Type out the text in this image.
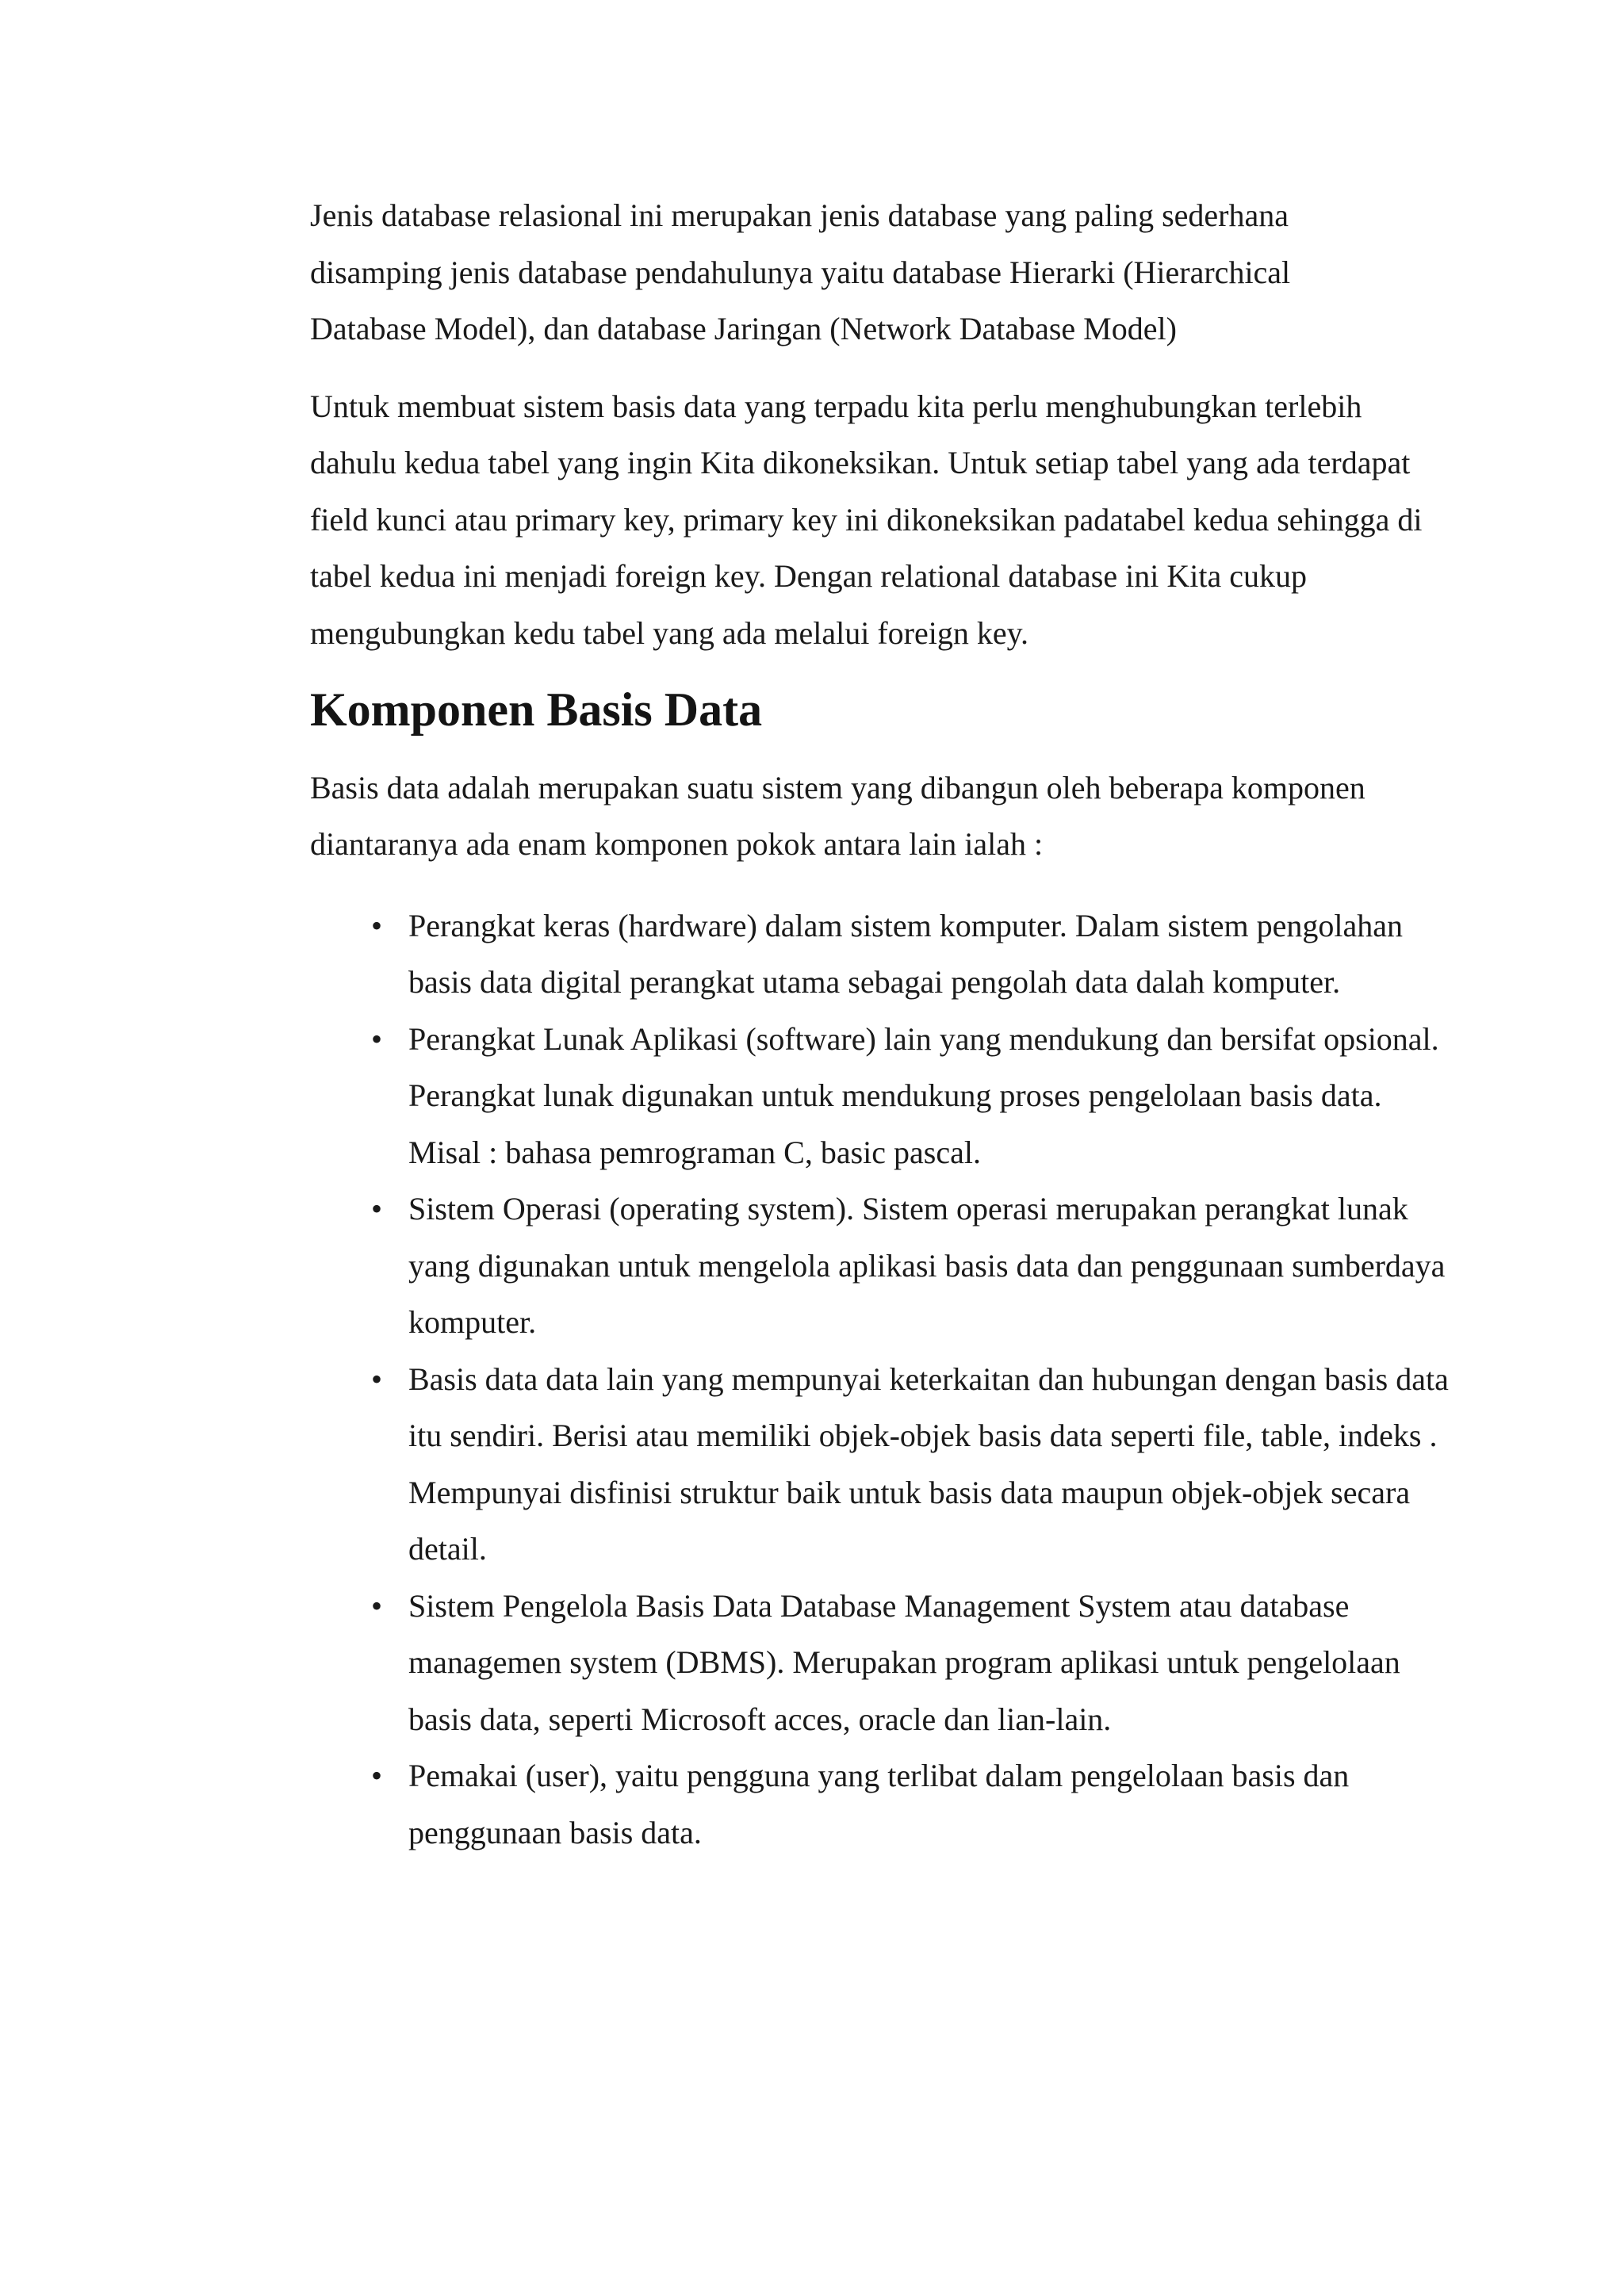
Jenis database relasional ini merupakan jenis database yang paling sederhana disamping jenis database pendahulunya yaitu database Hierarki (Hierarchical Database Model), dan database Jaringan (Network Database Model)

Untuk membuat sistem basis data yang terpadu kita perlu menghubungkan terlebih dahulu kedua tabel yang ingin Kita dikoneksikan. Untuk setiap tabel yang ada terdapat field kunci atau primary key, primary key ini dikoneksikan padatabel kedua sehingga di tabel kedua ini menjadi foreign key. Dengan relational database ini Kita cukup mengubungkan kedu tabel yang ada melalui foreign key.

Komponen Basis Data

Basis data adalah merupakan suatu sistem yang dibangun oleh beberapa komponen diantaranya ada enam komponen pokok antara lain ialah :

• Perangkat keras (hardware) dalam sistem komputer. Dalam sistem pengolahan basis data digital perangkat utama sebagai pengolah data dalah komputer.
• Perangkat Lunak Aplikasi (software) lain yang mendukung dan bersifat opsional. Perangkat lunak digunakan untuk mendukung proses pengelolaan basis data. Misal : bahasa pemrograman C, basic pascal.
• Sistem Operasi (operating system). Sistem operasi merupakan perangkat lunak yang digunakan untuk mengelola aplikasi basis data dan penggunaan sumberdaya komputer.
• Basis data data lain yang mempunyai keterkaitan dan hubungan dengan basis data itu sendiri. Berisi atau memiliki objek-objek basis data seperti file, table, indeks . Mempunyai disfinisi struktur baik untuk basis data maupun objek-objek secara detail.
• Sistem Pengelola Basis Data Database Management System atau database managemen system (DBMS). Merupakan program aplikasi untuk pengelolaan basis data, seperti Microsoft acces, oracle dan lian-lain.
• Pemakai (user), yaitu pengguna yang terlibat dalam pengelolaan basis dan penggunaan basis data.
